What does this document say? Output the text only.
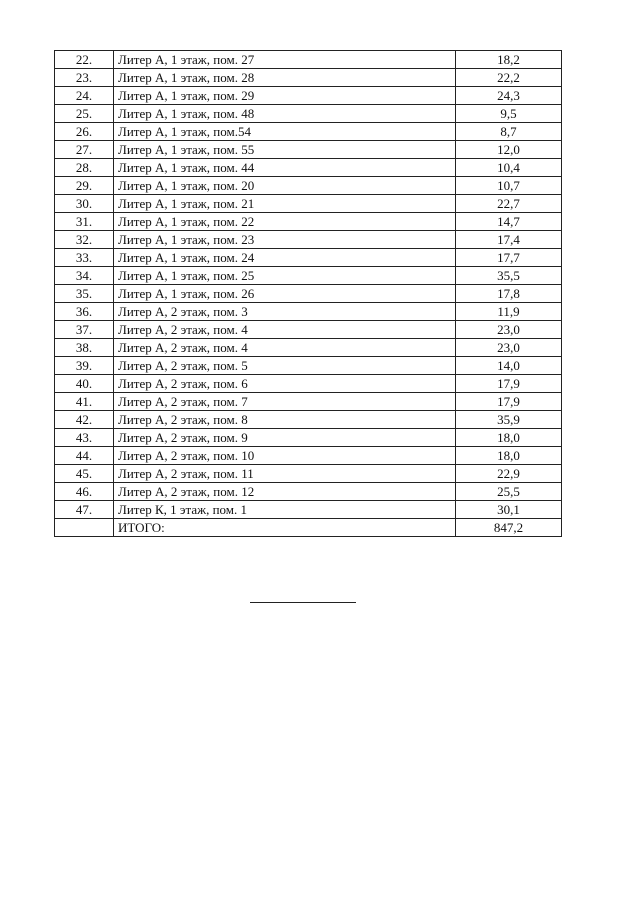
22.	Литер А, 1 этаж, пом. 27	18,2
23.	Литер А, 1 этаж, пом. 28	22,2
24.	Литер А, 1 этаж, пом. 29	24,3
25.	Литер А, 1 этаж, пом. 48	9,5
26.	Литер А, 1 этаж, пом.54	8,7
27.	Литер А, 1 этаж, пом. 55	12,0
28.	Литер А, 1 этаж, пом. 44	10,4
29.	Литер А, 1 этаж, пом. 20	10,7
30.	Литер А, 1 этаж, пом. 21	22,7
31.	Литер А, 1 этаж, пом. 22	14,7
32.	Литер А, 1 этаж, пом. 23	17,4
33.	Литер А, 1 этаж, пом. 24	17,7
34.	Литер А, 1 этаж, пом. 25	35,5
35.	Литер А, 1 этаж, пом. 26	17,8
36.	Литер А, 2 этаж, пом. 3	11,9
37.	Литер А, 2 этаж, пом. 4	23,0
38.	Литер А, 2 этаж, пом. 4	23,0
39.	Литер А, 2 этаж, пом. 5	14,0
40.	Литер А, 2 этаж, пом. 6	17,9
41.	Литер А, 2 этаж, пом. 7	17,9
42.	Литер А, 2 этаж, пом. 8	35,9
43.	Литер А, 2 этаж, пом. 9	18,0
44.	Литер А, 2 этаж, пом. 10	18,0
45.	Литер А, 2 этаж, пом. 11	22,9
46.	Литер А, 2 этаж, пом. 12	25,5
47.	Литер К, 1 этаж, пом. 1	30,1
	ИТОГО:	847,2
